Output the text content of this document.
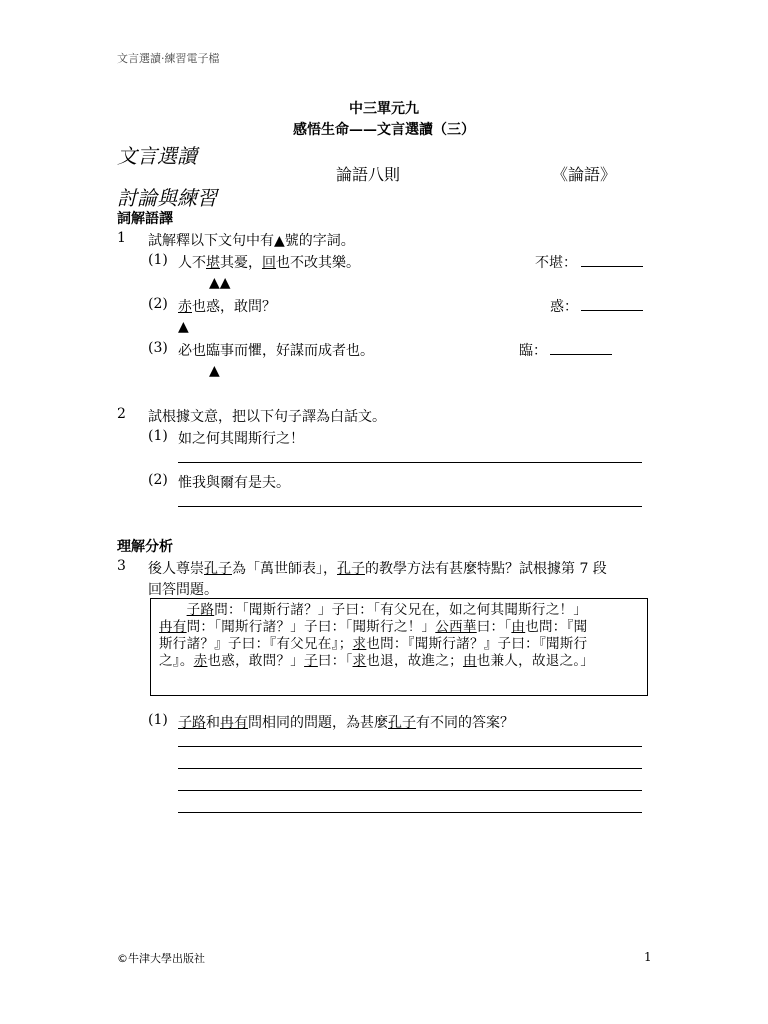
文言選讀‧練習電子檔
中三單元九
感悟生命——文言選讀（三）
文言選讀
論語八則	《論語》
討論與練習
詞解語譯
1 試解釋以下文句中有▲號的字詞。
(1) 人不堪其憂，回也不改其樂。	不堪：
▲▲
(2) 赤也惑，敢問？	惑：
▲
(3) 必也臨事而懼，好謀而成者也。	臨：
▲
2 試根據文意，把以下句子譯為白話文。
(1) 如之何其聞斯行之！
(2) 惟我與爾有是夫。
理解分析
3 後人尊崇孔子為「萬世師表」，孔子的教學方法有甚麼特點？試根據第 7 段
回答問題。
  子路問：「聞斯行諸？」子曰：「有父兄在，如之何其聞斯行之！」
冉有問：「聞斯行諸？」子曰：「聞斯行之！」公西華曰：「由也問：『聞
斯行諸？』子曰：『有父兄在』；求也問：『聞斯行諸？』子曰：『聞斯行
之』。赤也惑，敢問？」子曰：「求也退，故進之；由也兼人，故退之。」
(1) 子路和冉有問相同的問題，為甚麼孔子有不同的答案？
©牛津大學出版社	1
